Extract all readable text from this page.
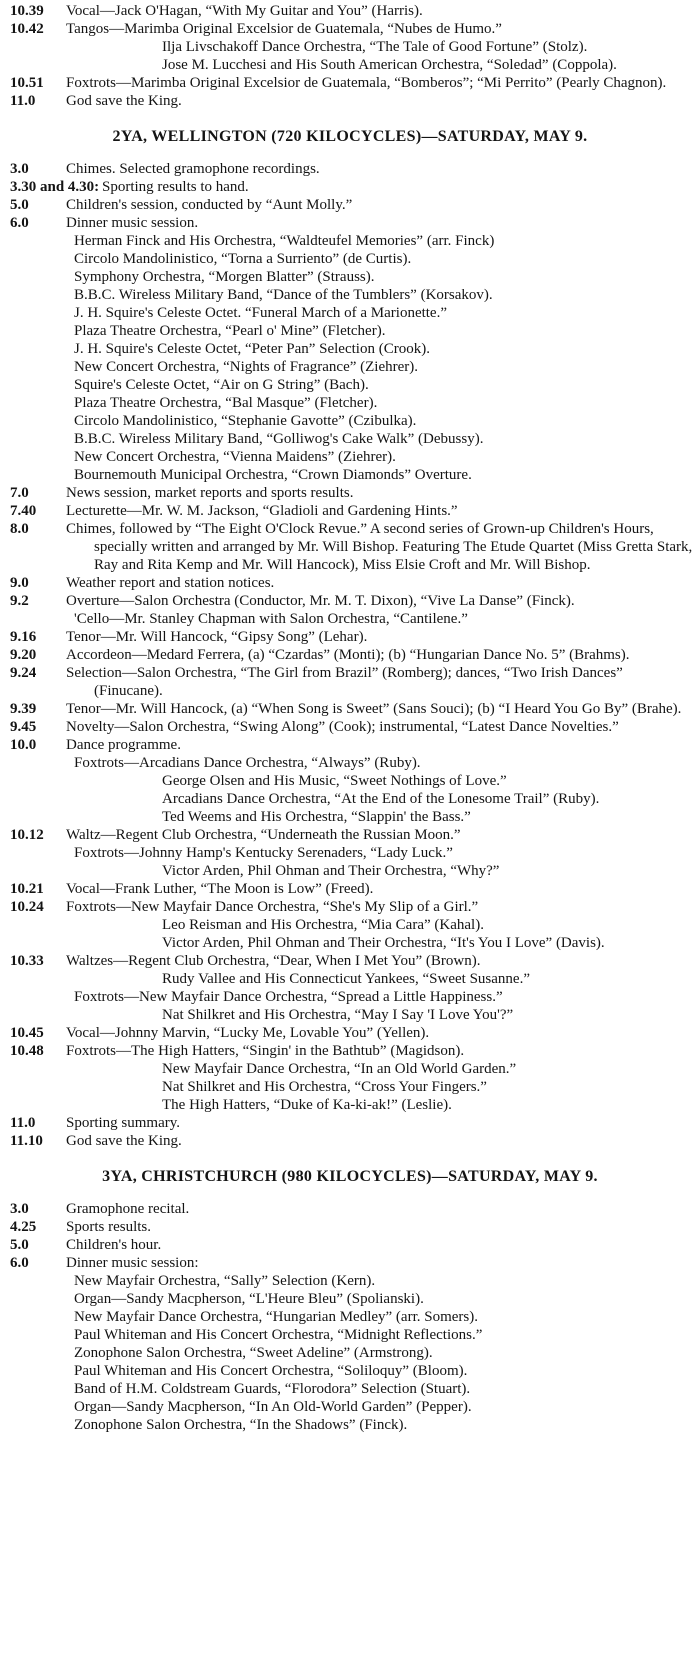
10.39	Vocal—Jack O'Hagan, “With My Guitar and You” (Harris).
10.42	Tangos—Marimba Original Excelsior de Guatemala, “Nubes de Humo.”
Ilja Livschakoff Dance Orchestra, “The Tale of Good Fortune” (Stolz).
Jose M. Lucchesi and His South American Orchestra, “Soledad” (Coppola).
10.51	Foxtrots—Marimba Original Excelsior de Guatemala, “Bomberos”; “Mi Perrito” (Pearly Chagnon).
11.0	God save the King.
2YA, WELLINGTON (720 KILOCYCLES)—SATURDAY, MAY 9.
3.0	Chimes. Selected gramophone recordings.
3.30 and 4.30: Sporting results to hand.
5.0	Children's session, conducted by “Aunt Molly.”
6.0	Dinner music session.
Herman Finck and His Orchestra, “Waldteufel Memories” (arr. Finck)
Circolo Mandolinistico, “Torna a Surriento” (de Curtis).
Symphony Orchestra, “Morgen Blatter” (Strauss).
B.B.C. Wireless Military Band, “Dance of the Tumblers” (Korsakov).
J. H. Squire's Celeste Octet. “Funeral March of a Marionette.”
Plaza Theatre Orchestra, “Pearl o' Mine” (Fletcher).
J. H. Squire's Celeste Octet, “Peter Pan” Selection (Crook).
New Concert Orchestra, “Nights of Fragrance” (Ziehrer).
Squire's Celeste Octet, “Air on G String” (Bach).
Plaza Theatre Orchestra, “Bal Masque” (Fletcher).
Circolo Mandolinistico, “Stephanie Gavotte” (Czibulka).
B.B.C. Wireless Military Band, “Golliwog's Cake Walk” (Debussy).
New Concert Orchestra, “Vienna Maidens” (Ziehrer).
Bournemouth Municipal Orchestra, “Crown Diamonds” Overture.
7.0	News session, market reports and sports results.
7.40	Lecturette—Mr. W. M. Jackson, “Gladioli and Gardening Hints.”
8.0	Chimes, followed by “The Eight O'Clock Revue.” A second series of Grown-up Children's Hours, specially written and arranged by Mr. Will Bishop. Featuring The Etude Quartet (Miss Gretta Stark, Ray and Rita Kemp and Mr. Will Hancock), Miss Elsie Croft and Mr. Will Bishop.
9.0	Weather report and station notices.
9.2	Overture—Salon Orchestra (Conductor, Mr. M. T. Dixon), “Vive La Danse” (Finck).
'Cello—Mr. Stanley Chapman with Salon Orchestra, “Cantilene.”
9.16	Tenor—Mr. Will Hancock, “Gipsy Song” (Lehar).
9.20	Accordeon—Medard Ferrera, (a) “Czardas” (Monti); (b) “Hungarian Dance No. 5” (Brahms).
9.24	Selection—Salon Orchestra, “The Girl from Brazil” (Romberg); dances, “Two Irish Dances” (Finucane).
9.39	Tenor—Mr. Will Hancock, (a) “When Song is Sweet” (Sans Souci); (b) “I Heard You Go By” (Brahe).
9.45	Novelty—Salon Orchestra, “Swing Along” (Cook); instrumental, “Latest Dance Novelties.”
10.0	Dance programme.
Foxtrots—Arcadians Dance Orchestra, “Always” (Ruby).
George Olsen and His Music, “Sweet Nothings of Love.”
Arcadians Dance Orchestra, “At the End of the Lonesome Trail” (Ruby).
Ted Weems and His Orchestra, “Slappin' the Bass.”
10.12	Waltz—Regent Club Orchestra, “Underneath the Russian Moon.”
Foxtrots—Johnny Hamp's Kentucky Serenaders, “Lady Luck.”
Victor Arden, Phil Ohman and Their Orchestra, “Why?”
10.21	Vocal—Frank Luther, “The Moon is Low” (Freed).
10.24	Foxtrots—New Mayfair Dance Orchestra, “She's My Slip of a Girl.”
Leo Reisman and His Orchestra, “Mia Cara” (Kahal).
Victor Arden, Phil Ohman and Their Orchestra, “It's You I Love” (Davis).
10.33	Waltzes—Regent Club Orchestra, “Dear, When I Met You” (Brown).
Rudy Vallee and His Connecticut Yankees, “Sweet Susanne.”
Foxtrots—New Mayfair Dance Orchestra, “Spread a Little Happiness.”
Nat Shilkret and His Orchestra, “May I Say 'I Love You'?”
10.45	Vocal—Johnny Marvin, “Lucky Me, Lovable You” (Yellen).
10.48	Foxtrots—The High Hatters, “Singin' in the Bathtub” (Magidson).
New Mayfair Dance Orchestra, “In an Old World Garden.”
Nat Shilkret and His Orchestra, “Cross Your Fingers.”
The High Hatters, “Duke of Ka-ki-ak!” (Leslie).
11.0	Sporting summary.
11.10	God save the King.
3YA, CHRISTCHURCH (980 KILOCYCLES)—SATURDAY, MAY 9.
3.0	Gramophone recital.
4.25	Sports results.
5.0	Children's hour.
6.0	Dinner music session:
New Mayfair Orchestra, “Sally” Selection (Kern).
Organ—Sandy Macpherson, “L'Heure Bleu” (Spolianski).
New Mayfair Dance Orchestra, “Hungarian Medley” (arr. Somers).
Paul Whiteman and His Concert Orchestra, “Midnight Reflections.”
Zonophone Salon Orchestra, “Sweet Adeline” (Armstrong).
Paul Whiteman and His Concert Orchestra, “Soliloquy” (Bloom).
Band of H.M. Coldstream Guards, “Florodora” Selection (Stuart).
Organ—Sandy Macpherson, “In An Old-World Garden” (Pepper).
Zonophone Salon Orchestra, “In the Shadows” (Finck).
